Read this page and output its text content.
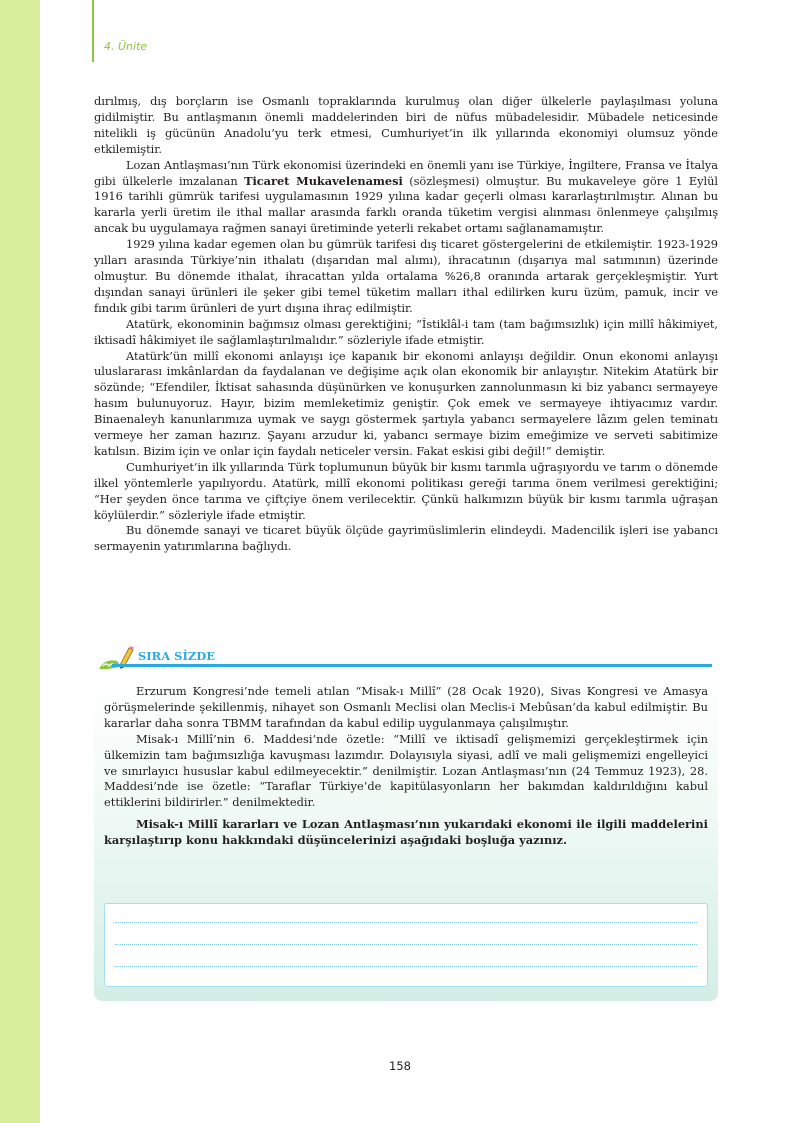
4. Ünite

dırılmış, dış borçların ise Osmanlı topraklarında kurulmuş olan diğer ülkelerle paylaşılması yoluna gidilmiştir. Bu antlaşmanın önemli maddelerinden biri de nüfus mübadelesidir. Mübadele neticesinde nitelikli iş gücünün Anadolu’yu terk etmesi, Cumhuriyet’in ilk yıllarında ekonomiyi olumsuz yönde etkilemiştir.

Lozan Antlaşması’nın Türk ekonomisi üzerindeki en önemli yanı ise Türkiye, İngiltere, Fransa ve İtalya gibi ülkelerle imzalanan Ticaret Mukavelenamesi (sözleşmesi) olmuştur. Bu mukaveleye göre 1 Eylül 1916 tarihli gümrük tarifesi uygulamasının 1929 yılına kadar geçerli olması kararlaştırılmıştır. Alınan bu kararla yerli üretim ile ithal mallar arasında farklı oranda tüketim vergisi alınması önlenmeye çalışılmış ancak bu uygulamaya rağmen sanayi üretiminde yeterli rekabet ortamı sağlanamamıştır.

1929 yılına kadar egemen olan bu gümrük tarifesi dış ticaret göstergelerini de etkilemiştir. 1923-1929 yılları arasında Türkiye’nin ithalatı (dışarıdan mal alımı), ihracatının (dışarıya mal satımının) üzerinde olmuştur. Bu dönemde ithalat, ihracattan yılda ortalama %26,8 oranında artarak gerçekleşmiştir. Yurt dışından sanayi ürünleri ile şeker gibi temel tüketim malları ithal edilirken kuru üzüm, pamuk, incir ve fındık gibi tarım ürünleri de yurt dışına ihraç edilmiştir.

Atatürk, ekonominin bağımsız olması gerektiğini; “İstiklâl-i tam (tam bağımsızlık) için millî hâkimiyet, iktisadî hâkimiyet ile sağlamlaştırılmalıdır.” sözleriyle ifade etmiştir.

Atatürk’ün millî ekonomi anlayışı içe kapanık bir ekonomi anlayışı değildir. Onun ekonomi anlayışı uluslararası imkânlardan da faydalanan ve değişime açık olan ekonomik bir anlayıştır. Nitekim Atatürk bir sözünde; “Efendiler, İktisat sahasında düşünürken ve konuşurken zannolunmasın ki biz yabancı sermayeye hasım bulunuyoruz. Hayır, bizim memleketimiz geniştir. Çok emek ve sermayeye ihtiyacımız vardır. Binaenaleyh kanunlarımıza uymak ve saygı göstermek şartıyla yabancı sermayelere lâzım gelen teminatı vermeye her zaman hazırız. Şayanı arzudur ki, yabancı sermaye bizim emeğimize ve serveti sabitimize katılsın. Bizim için ve onlar için faydalı neticeler versin. Fakat eskisi gibi değil!” demiştir.

Cumhuriyet’in ilk yıllarında Türk toplumunun büyük bir kısmı tarımla uğraşıyordu ve tarım o dönemde ilkel yöntemlerle yapılıyordu. Atatürk, millî ekonomi politikası gereği tarıma önem verilmesi gerektiğini; “Her şeyden önce tarıma ve çiftçiye önem verilecektir. Çünkü halkımızın büyük bir kısmı tarımla uğraşan köylülerdir.” sözleriyle ifade etmiştir.

Bu dönemde sanayi ve ticaret büyük ölçüde gayrimüslimlerin elindeydi. Madencilik işleri ise yabancı sermayenin yatırımlarına bağlıydı.

SIRA SİZDE

Erzurum Kongresi’nde temeli atılan “Misak-ı Millî” (28 Ocak 1920), Sivas Kongresi ve Amasya görüşmelerinde şekillenmiş, nihayet son Osmanlı Meclisi olan Meclis-i Mebûsan’da kabul edilmiştir. Bu kararlar daha sonra TBMM tarafından da kabul edilip uygulanmaya çalışılmıştır.

Misak-ı Millî’nin 6. Maddesi’nde özetle: “Millî ve iktisadî gelişmemizi gerçekleştirmek için ülkemizin tam bağımsızlığa kavuşması lazımdır. Dolayısıyla siyasi, adlî ve mali gelişmemizi engelleyici ve sınırlayıcı hususlar kabul edilmeyecektir.” denilmiştir. Lozan Antlaşması’nın (24 Temmuz 1923), 28. Maddesi’nde ise özetle: “Taraflar Türkiye’de kapitülasyonların her bakımdan kaldırıldığını kabul ettiklerini bildirirler.” denilmektedir.

Misak-ı Millî kararları ve Lozan Antlaşması’nın yukarıdaki ekonomi ile ilgili maddelerini karşılaştırıp konu hakkındaki düşüncelerinizi aşağıdaki boşluğa yazınız.

158
